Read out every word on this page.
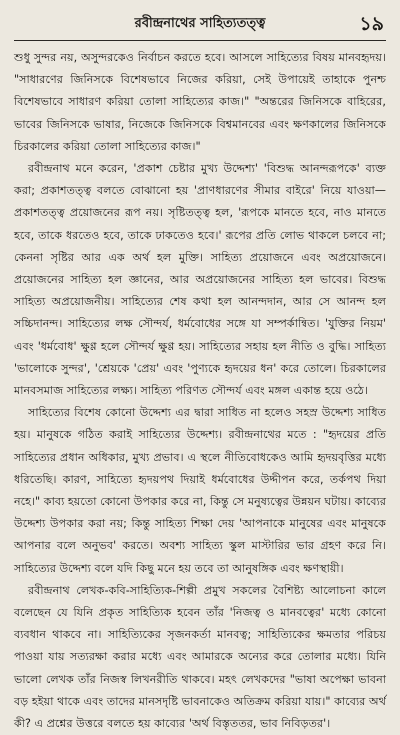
রবীন্দ্রনাথের সাহিত্যতত্ত্ব	১৯

শুধু সুন্দর নয়, অসুন্দরকেও নির্বাচন করতে হবে। আসলে সাহিত্যের বিষয় মানবহৃদয়। "সাধারণের জিনিসকে বিশেষভাবে নিজের করিয়া, সেই উপায়েই তাহাকে পুনশ্চ বিশেষভাবে সাধারণ করিয়া তোলা সাহিত্যের কাজ।" "অন্তরের জিনিসকে বাহিরের, ভাবের জিনিসকে ভাষার, নিজেকে জিনিসকে বিশ্বমানবের এবং ক্ষণকালের জিনিসকে চিরকালের করিয়া তোলা সাহিত্যের কাজ।"

রবীন্দ্রনাথ মনে করেন, 'প্রকাশ চেষ্টার মুখ্য উদ্দেশ্য' 'বিশুদ্ধ আনন্দরূপকে' ব্যক্ত করা; প্রকাশতত্ত্ব বলতে বোঝানো হয় 'প্রাণধারণের সীমার বাইরে' নিয়ে যাওয়া—প্রকাশতত্ত্ব প্রয়োজনের রূপ নয়। সৃষ্টিতত্ত্ব হল, 'রূপকে মানতে হবে, নাও মানতে হবে, তাকে ধরতেও হবে, তাকে ঢাকতেও হবে।' রূপের প্রতি লোভ থাকলে চলবে না; কেননা সৃষ্টির আর এক অর্থ হল মুক্তি। সাহিত্য প্রয়োজনে এবং অপ্রয়োজনে। প্রয়োজনের সাহিত্য হল জ্ঞানের, আর অপ্রয়োজনের সাহিত্য হল ভাবের। বিশুদ্ধ সাহিত্য অপ্রয়োজনীয়। সাহিত্যের শেষ কথা হল আনন্দদান, আর সে আনন্দ হল সচ্চিদানন্দ। সাহিত্যের লক্ষ সৌন্দর্য, ধর্মবোধের সঙ্গে যা সম্পর্কান্বিত। 'যুক্তির নিয়ম' এবং 'ধর্মবোধ' ক্ষুণ্ণ হলে সৌন্দর্য ক্ষুণ্ণ হয়। সাহিত্যের সহায় হল নীতি ও বুদ্ধি। সাহিত্য 'ভালোকে সুন্দর', 'শ্রেয়কে 'প্রেয়' এবং 'পুণ্যকে হৃদয়ের ধন' করে তোলে। চিরকালের মানবসমাজ সাহিত্যের লক্ষ্য। সাহিত্য পরিণত সৌন্দর্য এবং মঙ্গল একান্ত হয়ে ওঠে।

সাহিত্যের বিশেষ কোনো উদ্দেশ্য এর দ্বারা সাধিত না হলেও সহস্র উদ্দেশ্য সাধিত হয়। মানুষকে গঠিত করাই সাহিত্যের উদ্দেশ্য। রবীন্দ্রনাথের মতে : "হৃদয়ের প্রতি সাহিত্যের প্রধান অধিকার, মুখ্য প্রভাব। এ স্থলে নীতিবোধকেও আমি হৃদয়বৃত্তির মধ্যে ধরিতেছি। কারণ, সাহিত্যে হৃদয়পথ দিয়াই ধর্মবোধের উদ্দীপন করে, তর্কপথ দিয়া নহে।" কাব্য হয়তো কোনো উপকার করে না, কিন্তু সে মনুষ্যত্বের উন্নয়ন ঘটায়। কাব্যের উদ্দেশ্য উপকার করা নয়; কিন্তু সাহিত্য শিক্ষা দেয় 'আপনাকে মানুষের এবং মানুষকে আপনার বলে অনুভব' করতে। অবশ্য সাহিত্য স্কুল মাস্টারির ভার গ্রহণ করে নি। সাহিত্যের উদ্দেশ্য বলে যদি কিছু মনে হয় তবে তা আনুষঙ্গিক এবং ক্ষণস্থায়ী।

রবীন্দ্রনাথ লেখক-কবি-সাহিত্যিক-শিল্পী প্রমুখ সকলের বৈশিষ্ট্য আলোচনা কালে বলেছেন যে যিনি প্রকৃত সাহিত্যিক হবেন তাঁর 'নিজত্ব ও মানবত্বের' মধ্যে কোনো ব্যবধান থাকবে না। সাহিত্যিকের সৃজনকর্তা মানবত্ব; সাহিত্যিকের ক্ষমতার পরিচয় পাওয়া যায় সত্যরক্ষা করার মধ্যে এবং আমারকে অন্যের করে তোলার মধ্যে। যিনি ভালো লেখক তাঁর নিজস্ব লিখনরীতি থাকবে। মহৎ লেখকদের "ভাষা অপেক্ষা ভাবনা বড় হইয়া থাকে এবং তাদের মানসদৃষ্টি ভাবনাকেও অতিক্রম করিয়া যায়।" কাব্যের অর্থ কী? এ প্রশ্নের উত্তরে বলতে হয় কাব্যের 'অর্থ বিস্তৃততর, ভাব নিবিড়তর'।
